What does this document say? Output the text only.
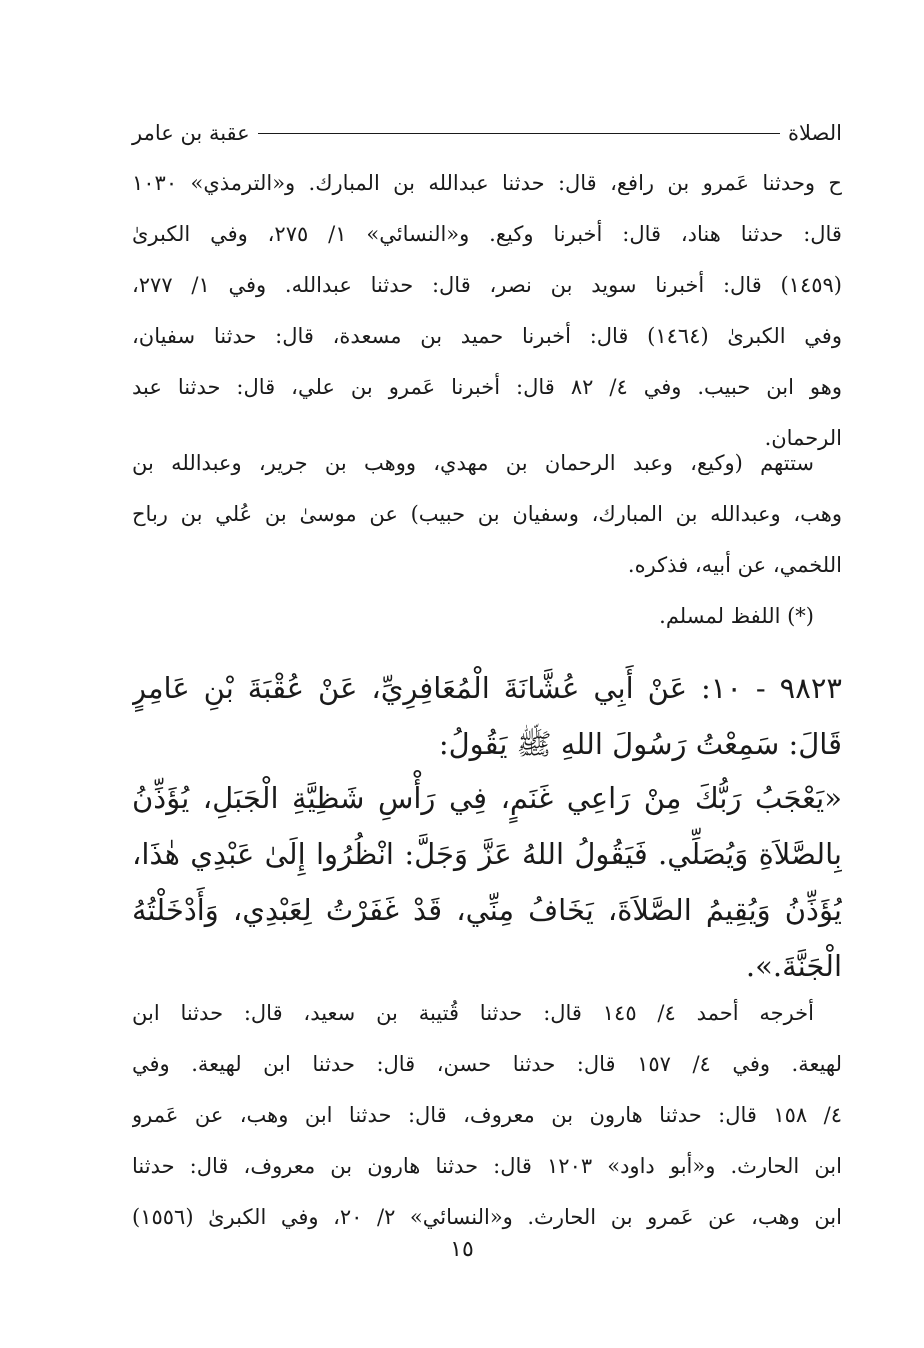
الصلاة
عقبة بن عامر
ح وحدثنا عَمرو بن رافع، قال: حدثنا عبدالله بن المبارك. و«الترمذي» ١٠٣٠
قال: حدثنا هناد، قال: أخبرنا وكيع. و«النسائي» ١/ ٢٧٥، وفي الكبرىٰ
(١٤٥٩) قال: أخبرنا سويد بن نصر، قال: حدثنا عبدالله. وفي ١/ ٢٧٧،
وفي الكبرىٰ (١٤٦٤) قال: أخبرنا حميد بن مسعدة، قال: حدثنا سفيان،
وهو ابن حبيب. وفي ٤/ ٨٢ قال: أخبرنا عَمرو بن علي، قال: حدثنا عبد
الرحمان.
ستتهم (وكيع، وعبد الرحمان بن مهدي، ووهب بن جرير، وعبدالله بن
وهب، وعبدالله بن المبارك، وسفيان بن حبيب) عن موسىٰ بن عُلي بن رباح
اللخمي، عن أبيه، فذكره.
(*) اللفظ لمسلم.
٩٨٢٣ - ١٠: عَنْ أَبِي عُشَّانَةَ الْمُعَافِرِيِّ، عَنْ عُقْبَةَ بْنِ عَامِرٍ
قَالَ: سَمِعْتُ رَسُولَ اللهِ ﷺ يَقُولُ:
«يَعْجَبُ رَبُّكَ مِنْ رَاعِي غَنَمٍ، فِي رَأْسِ شَظِيَّةِ الْجَبَلِ، يُؤَذِّنُ
بِالصَّلاَةِ وَيُصَلِّي. فَيَقُولُ اللهُ عَزَّ وَجَلَّ: انْظُرُوا إِلَىٰ عَبْدِي هٰذَا،
يُؤَذِّنُ وَيُقِيمُ الصَّلاَةَ، يَخَافُ مِنِّي، قَدْ غَفَرْتُ لِعَبْدِي، وَأَدْخَلْتُهُ
الْجَنَّةَ.».
أخرجه أحمد ٤/ ١٤٥ قال: حدثنا قُتيبة بن سعيد، قال: حدثنا ابن
لهيعة. وفي ٤/ ١٥٧ قال: حدثنا حسن، قال: حدثنا ابن لهيعة. وفي
٤/ ١٥٨ قال: حدثنا هارون بن معروف، قال: حدثنا ابن وهب، عن عَمرو
ابن الحارث. و«أبو داود» ١٢٠٣ قال: حدثنا هارون بن معروف، قال: حدثنا
ابن وهب، عن عَمرو بن الحارث. و«النسائي» ٢/ ٢٠، وفي الكبرىٰ (١٥٥٦)
١٥
